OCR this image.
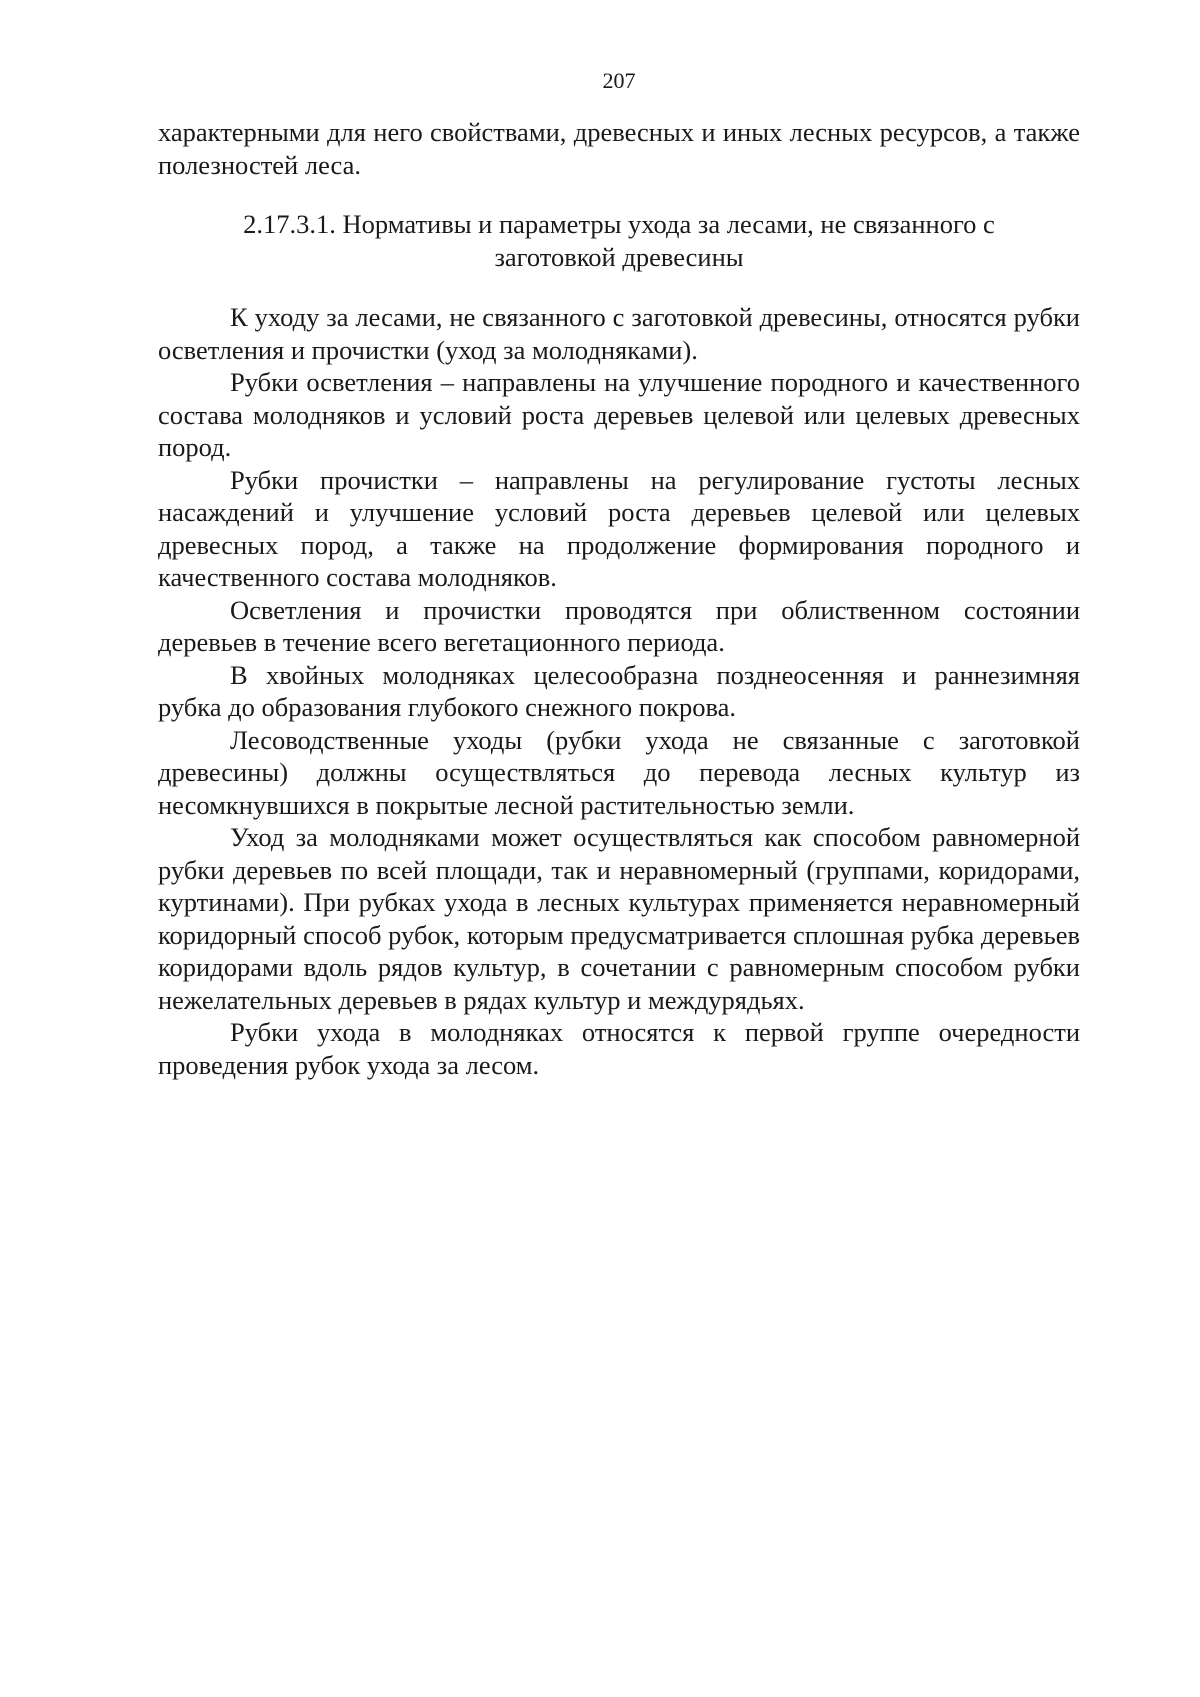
207

характерными для него свойствами, древесных и иных лесных ресурсов, а также полезностей леса.

2.17.3.1. Нормативы и параметры ухода за лесами, не связанного с
заготовкой древесины

К уходу за лесами, не связанного с заготовкой древесины, относятся рубки осветления и прочистки (уход за молодняками).

Рубки осветления – направлены на улучшение породного и качественного состава молодняков и условий роста деревьев целевой или целевых древесных пород.

Рубки прочистки – направлены на регулирование густоты лесных насаждений и улучшение условий роста деревьев целевой или целевых древесных пород, а также на продолжение формирования породного и качественного состава молодняков.

Осветления и прочистки проводятся при облиственном состоянии деревьев в течение всего вегетационного периода.

В хвойных молодняках целесообразна позднеосенняя и раннезимняя рубка до образования глубокого снежного покрова.

Лесоводственные уходы (рубки ухода не связанные с заготовкой древесины) должны осуществляться до перевода лесных культур из несомкнувшихся в покрытые лесной растительностью земли.

Уход за молодняками может осуществляться как способом равномерной рубки деревьев по всей площади, так и неравномерный (группами, коридорами, куртинами). При рубках ухода в лесных культурах применяется неравномерный коридорный способ рубок, которым предусматривается сплошная рубка деревьев коридорами вдоль рядов культур, в сочетании с равномерным способом рубки нежелательных деревьев в рядах культур и междурядьях.

Рубки ухода в молодняках относятся к первой группе очередности проведения рубок ухода за лесом.
